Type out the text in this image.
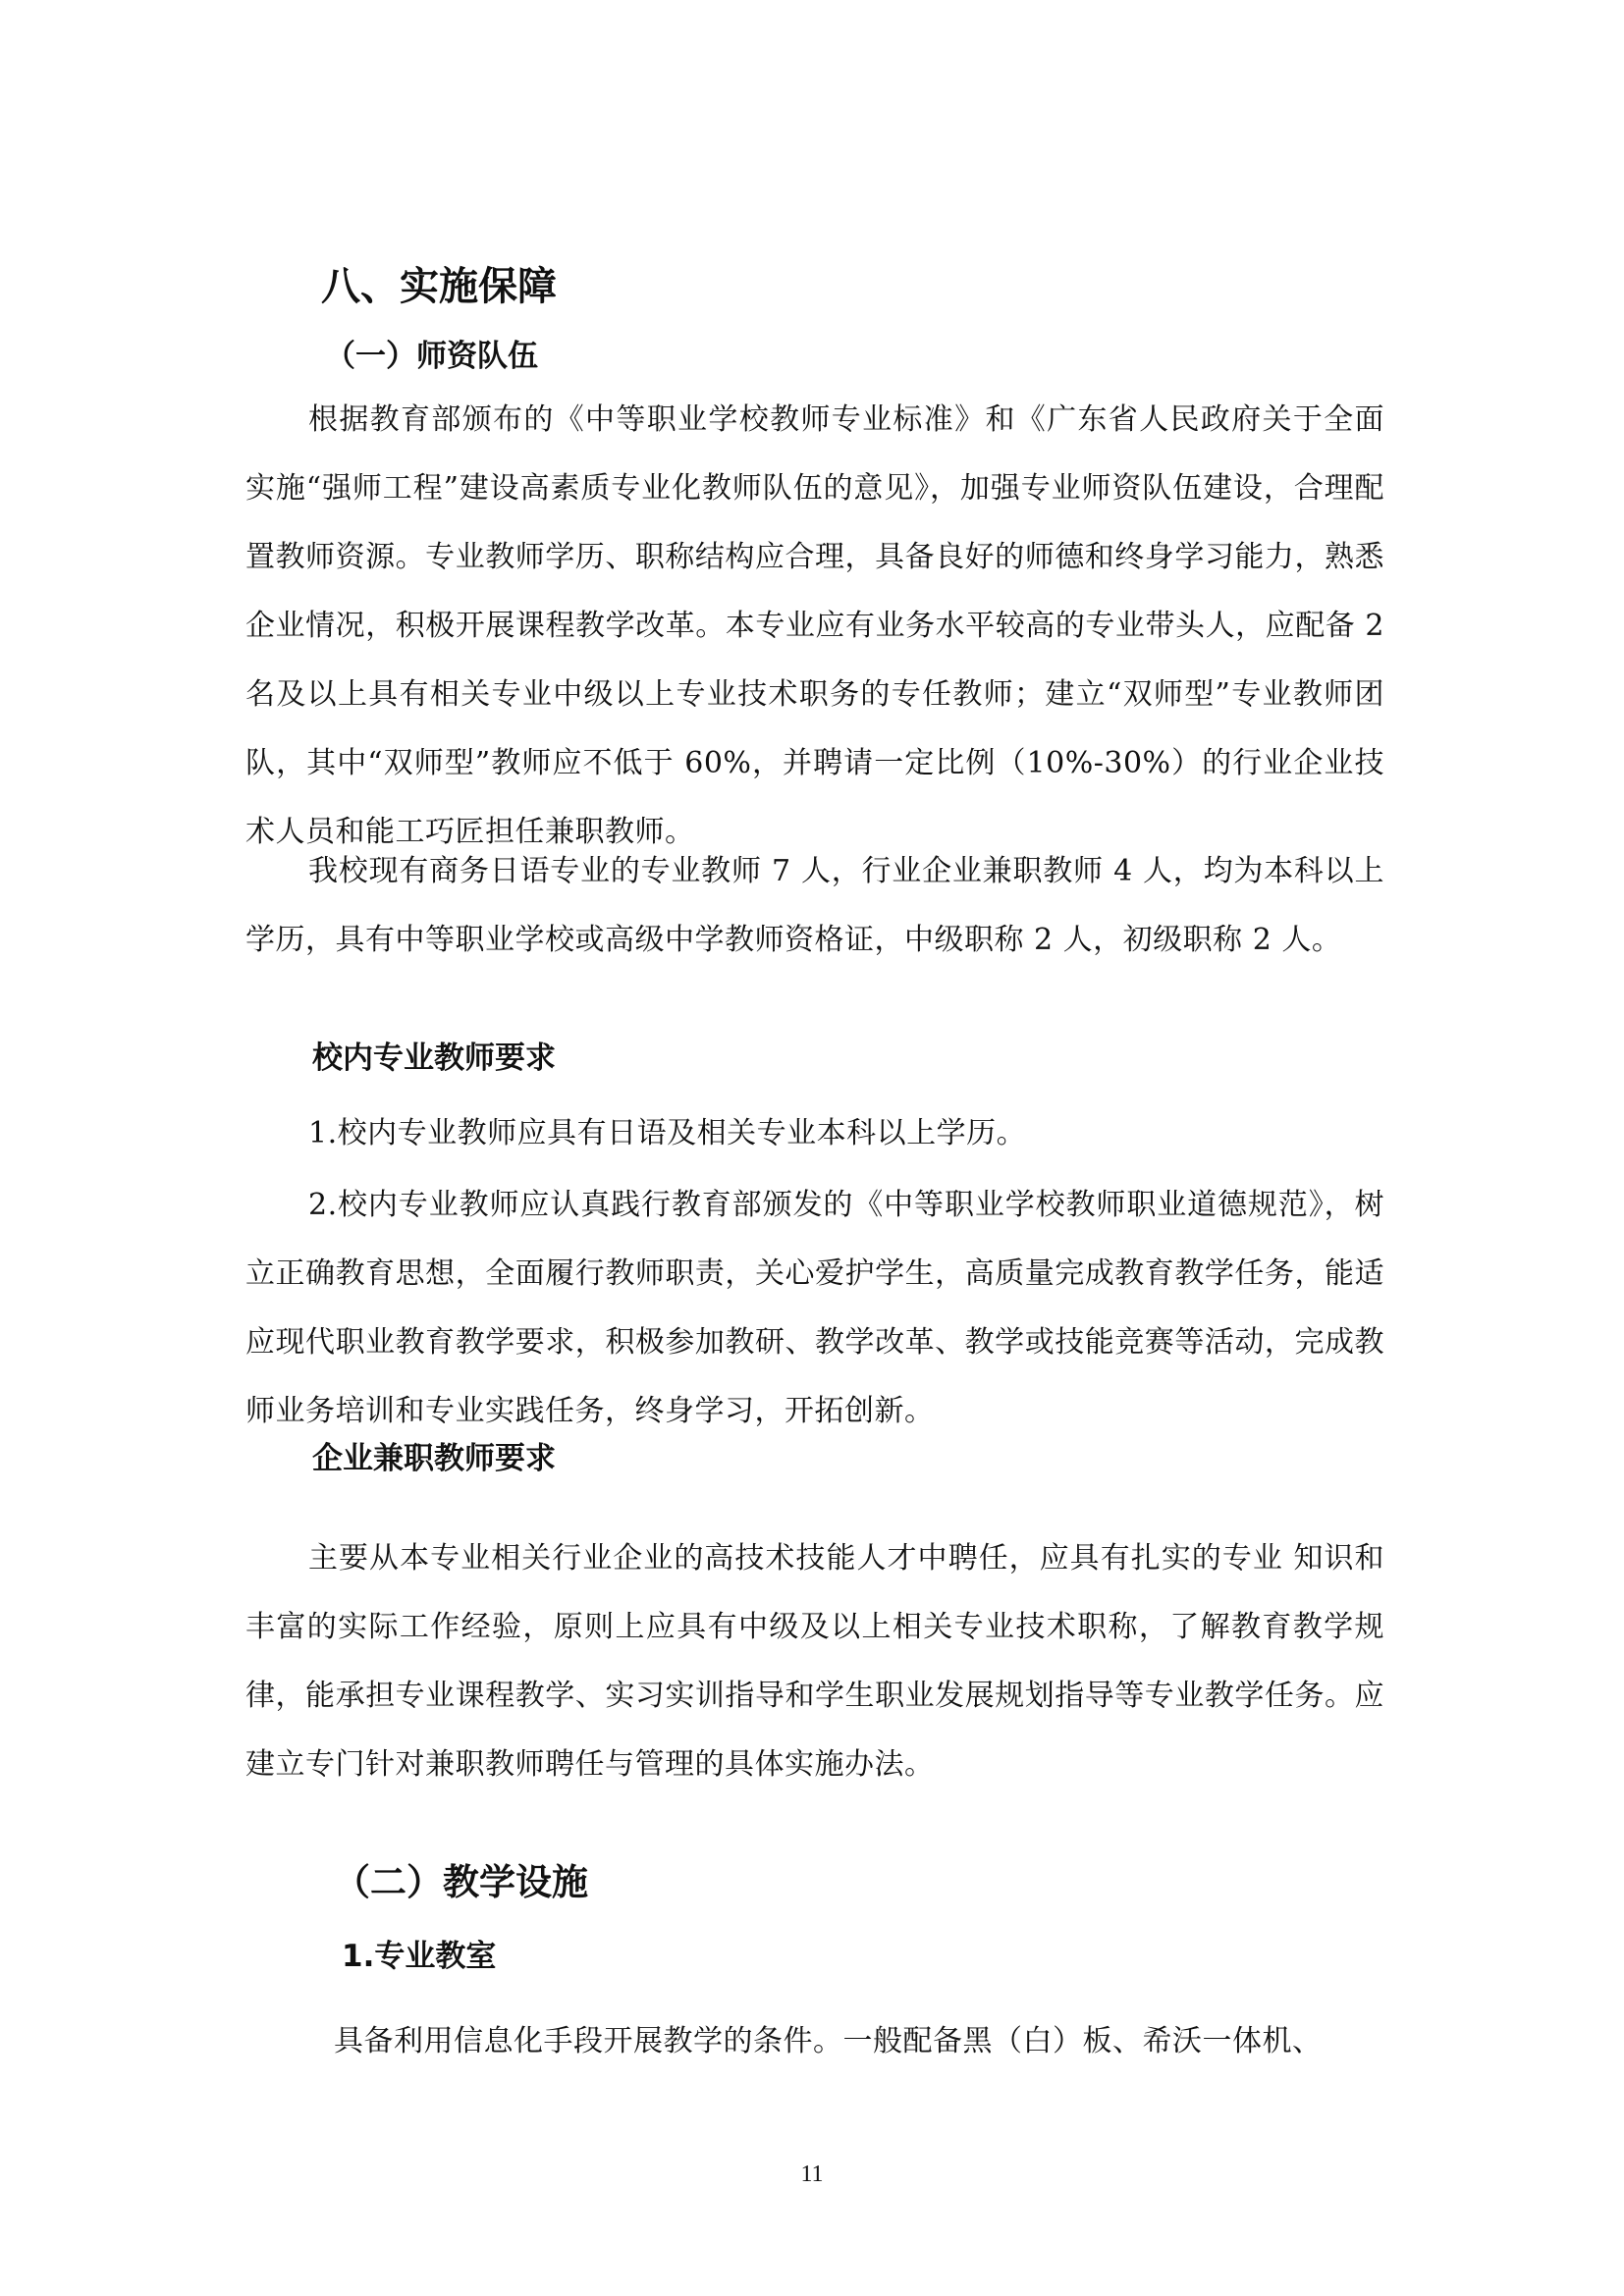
八、实施保障
（一）师资队伍

根据教育部颁布的《中等职业学校教师专业标准》和《广东省人民政府关于全面实施“强师工程”建设高素质专业化教师队伍的意见》，加强专业师资队伍建设，合理配置教师资源。专业教师学历、职称结构应合理，具备良好的师德和终身学习能力，熟悉企业情况，积极开展课程教学改革。本专业应有业务水平较高的专业带头人，应配备 2 名及以上具有相关专业中级以上专业技术职务的专任教师；建立“双师型”专业教师团队，其中“双师型”教师应不低于 60%，并聘请一定比例（10%-30%）的行业企业技术人员和能工巧匠担任兼职教师。

我校现有商务日语专业的专业教师 7 人，行业企业兼职教师 4 人，均为本科以上学历，具有中等职业学校或高级中学教师资格证，中级职称 2 人，初级职称 2 人。

校内专业教师要求

1.校内专业教师应具有日语及相关专业本科以上学历。

2.校内专业教师应认真践行教育部颁发的《中等职业学校教师职业道德规范》，树立正确教育思想，全面履行教师职责，关心爱护学生，高质量完成教育教学任务，能适应现代职业教育教学要求，积极参加教研、教学改革、教学或技能竞赛等活动，完成教师业务培训和专业实践任务，终身学习，开拓创新。

企业兼职教师要求

主要从本专业相关行业企业的高技术技能人才中聘任，应具有扎实的专业 知识和丰富的实际工作经验，原则上应具有中级及以上相关专业技术职称，了解教育教学规律，能承担专业课程教学、实习实训指导和学生职业发展规划指导等专业教学任务。应建立专门针对兼职教师聘任与管理的具体实施办法。

（二）教学设施
1.专业教室

具备利用信息化手段开展教学的条件。一般配备黑（白）板、希沃一体机、

11
